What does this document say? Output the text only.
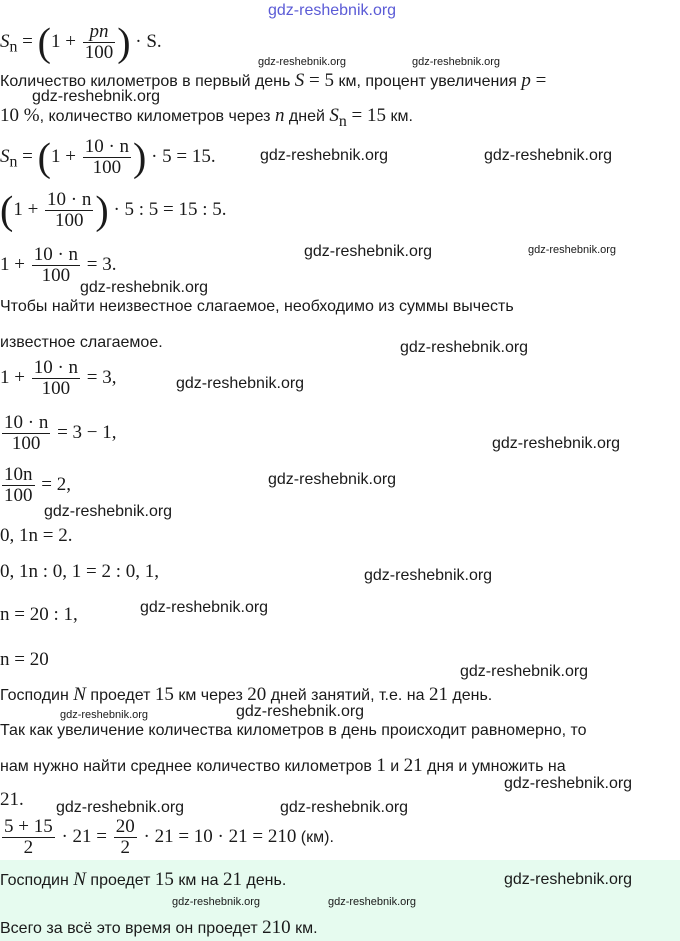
gdz-reshebnik.org
gdz-reshebnik.org	gdz-reshebnik.org
gdz-reshebnik.org
gdz-reshebnik.org	gdz-reshebnik.org
gdz-reshebnik.org	gdz-reshebnik.org
gdz-reshebnik.org
gdz-reshebnik.org
gdz-reshebnik.org
gdz-reshebnik.org
gdz-reshebnik.org
gdz-reshebnik.org
gdz-reshebnik.org
gdz-reshebnik.org
gdz-reshebnik.org
gdz-reshebnik.org	gdz-reshebnik.org
gdz-reshebnik.org
gdz-reshebnik.org	gdz-reshebnik.org
gdz-reshebnik.org
gdz-reshebnik.org	gdz-reshebnik.org
$S_n = (1 + \frac{pn}{100}$ ) · S.
Количество километров в первый день S = 5 км, процент увеличения p =
10 %, количество километров через n дней $S_n = 15$ км.
$S_n = (1 + \frac{10 \cdot n}{100}$ ) · 5 = 15.
($1 + \frac{10 \cdot n}{100}$ ) · 5 : 5 = 15 : 5.
$1 + \frac{10 \cdot n}{100} = 3$.
Чтобы найти неизвестное слагаемое, необходимо из суммы вычесть
известное слагаемое.
$1 + \frac{10 \cdot n}{100} = 3$,
$\frac{10 \cdot n}{100} = 3 - 1$,
$\frac{10n}{100} = 2$,
0, 1n = 2.
0, 1n : 0, 1 = 2 : 0, 1,
n = 20 : 1,
n = 20
Господин N проедет 15 км через 20 дней занятий, т.е. на 21 день.
Так как увеличение количества километров в день происходит равномерно, то
нам нужно найти среднее количество километров 1 и 21 дня и умножить на
21.
$\frac{5 + 15}{2} \cdot 21 = \frac{20}{2} \cdot 21 = 10 \cdot 21 = 210$ (км).
Господин N проедет 15 км на 21 день.
Всего за всё это время он проедет 210 км.
